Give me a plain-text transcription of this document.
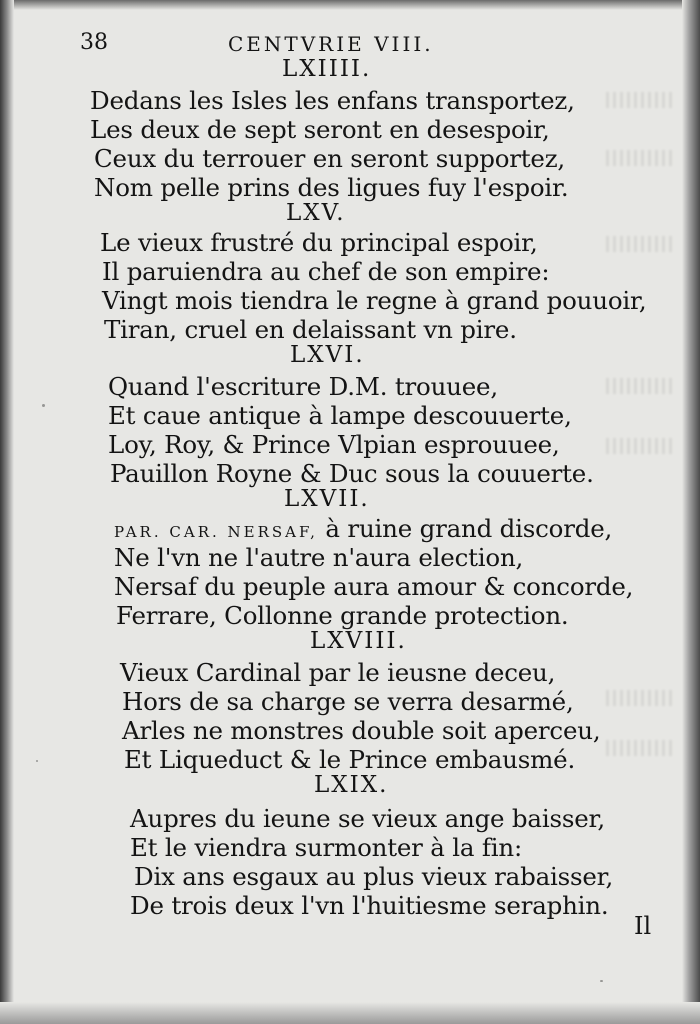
38	CENTVRIE VIII.
LXIIII.
Dedans les Isles les enfans transportez,
Les deux de sept seront en desespoir,
Ceux du terrouer en seront supportez,
Nom pelle prins des ligues fuy l'espoir.
LXV.
Le vieux frustré du principal espoir,
Il paruiendra au chef de son empire:
Vingt mois tiendra le regne à grand pouuoir,
Tiran, cruel en delaissant vn pire.
LXVI.
Quand l'escriture D.M. trouuee,
Et caue antique à lampe descouuerte,
Loy, Roy, & Prince Vlpian esprouuee,
Pauillon Royne & Duc sous la couuerte.
LXVII.
PAR. CAR. NERSAF, à ruine grand discorde,
Ne l'vn ne l'autre n'aura election,
Nersaf du peuple aura amour & concorde,
Ferrare, Collonne grande protection.
LXVIII.
Vieux Cardinal par le ieusne deceu,
Hors de sa charge se verra desarmé,
Arles ne monstres double soit aperceu,
Et Liqueduct & le Prince embausmé.
LXIX.
Aupres du ieune se vieux ange baisser,
Et le viendra surmonter à la fin:
Dix ans esgaux au plus vieux rabaisser,
De trois deux l'vn l'huitiesme seraphin.
Il
